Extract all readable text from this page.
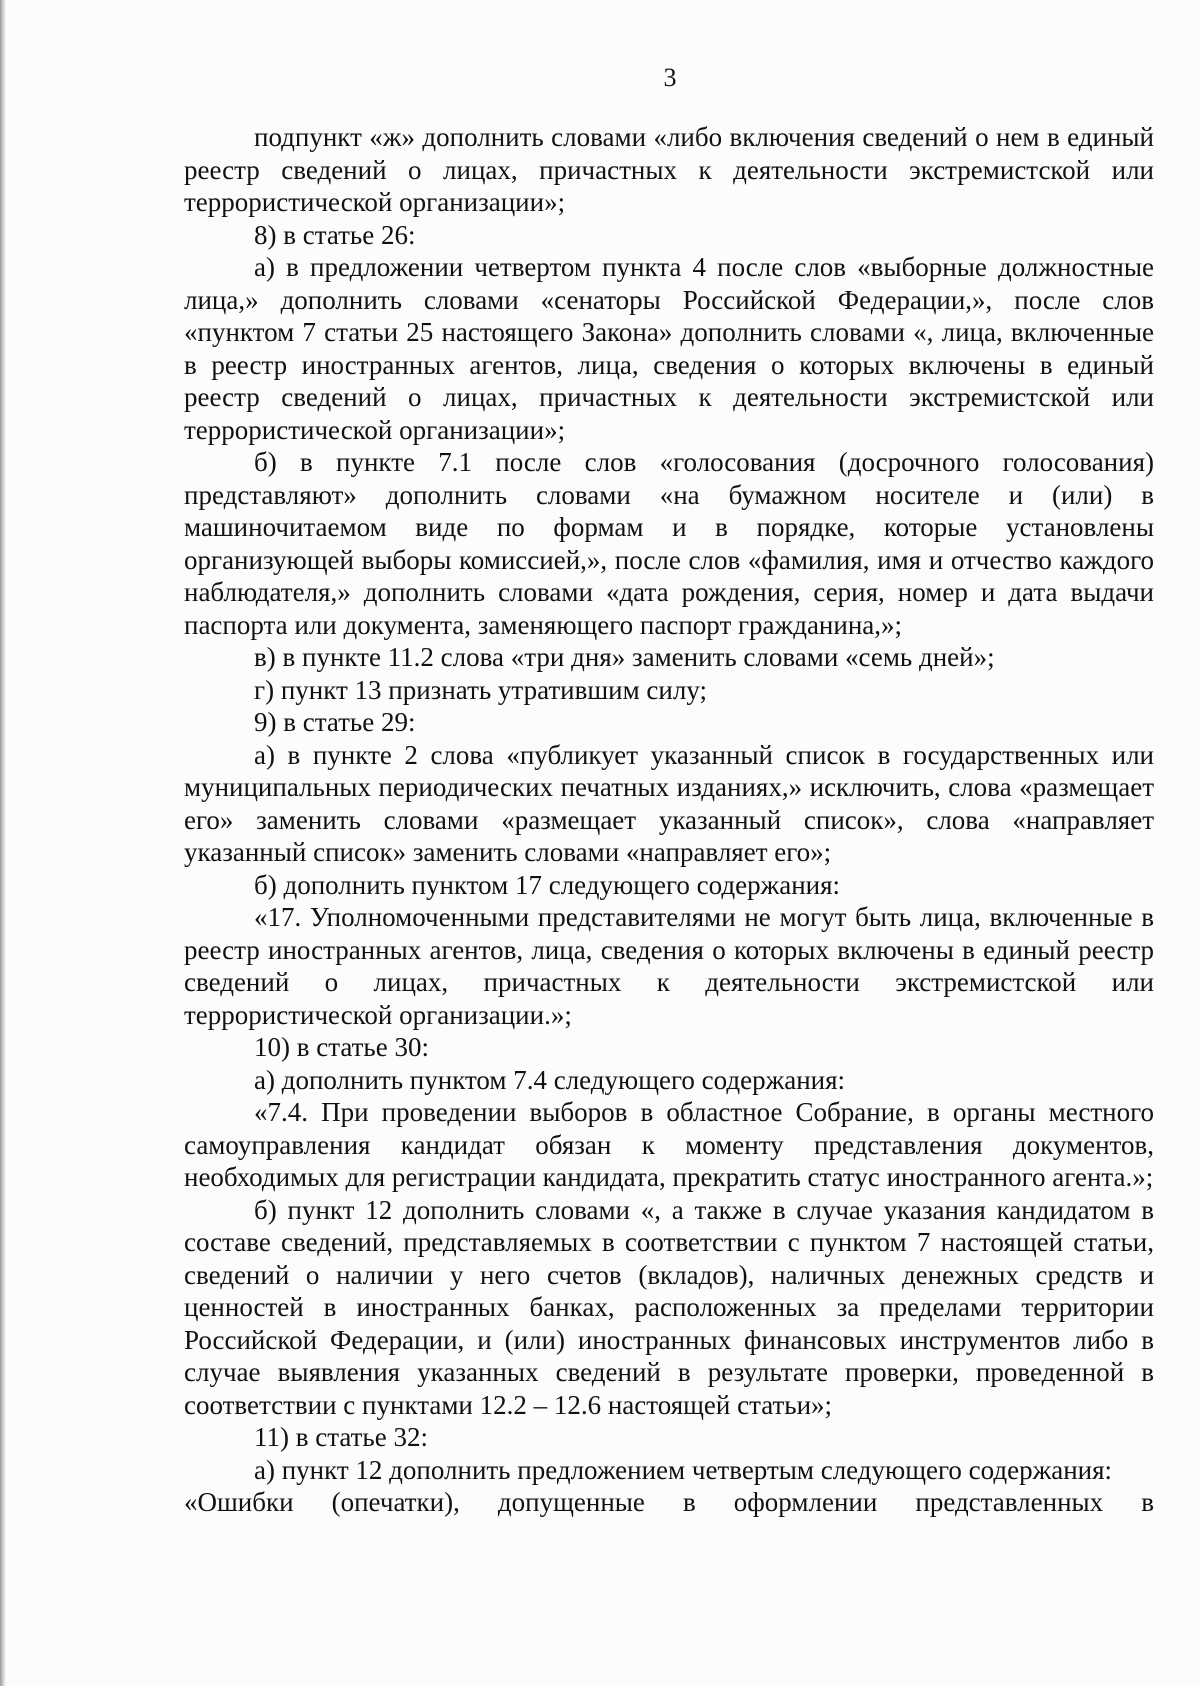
3

подпункт «ж» дополнить словами «либо включения сведений о нем в единый реестр сведений о лицах, причастных к деятельности экстремистской или террористической организации»;

8) в статье 26:

а) в предложении четвертом пункта 4 после слов «выборные должностные лица,» дополнить словами «сенаторы Российской Федерации,», после слов «пунктом 7 статьи 25 настоящего Закона» дополнить словами «, лица, включенные в реестр иностранных агентов, лица, сведения о которых включены в единый реестр сведений о лицах, причастных к деятельности экстремистской или террористической организации»;

б) в пункте 7.1 после слов «голосования (досрочного голосования) представляют» дополнить словами «на бумажном носителе и (или) в машиночитаемом виде по формам и в порядке, которые установлены организующей выборы комиссией,», после слов «фамилия, имя и отчество каждого наблюдателя,» дополнить словами «дата рождения, серия, номер и дата выдачи паспорта или документа, заменяющего паспорт гражданина,»;

в) в пункте 11.2 слова «три дня» заменить словами «семь дней»;

г) пункт 13 признать утратившим силу;

9) в статье 29:

а) в пункте 2 слова «публикует указанный список в государственных или муниципальных периодических печатных изданиях,» исключить, слова «размещает его» заменить словами «размещает указанный список», слова «направляет указанный список» заменить словами «направляет его»;

б) дополнить пунктом 17 следующего содержания:

«17. Уполномоченными представителями не могут быть лица, включенные в реестр иностранных агентов, лица, сведения о которых включены в единый реестр сведений о лицах, причастных к деятельности экстремистской или террористической организации.»;

10) в статье 30:

а) дополнить пунктом 7.4 следующего содержания:

«7.4. При проведении выборов в областное Собрание, в органы местного самоуправления кандидат обязан к моменту представления документов, необходимых для регистрации кандидата, прекратить статус иностранного агента.»;

б) пункт 12 дополнить словами «, а также в случае указания кандидатом в составе сведений, представляемых в соответствии с пунктом 7 настоящей статьи, сведений о наличии у него счетов (вкладов), наличных денежных средств и ценностей в иностранных банках, расположенных за пределами территории Российской Федерации, и (или) иностранных финансовых инструментов либо в случае выявления указанных сведений в результате проверки, проведенной в соответствии с пунктами 12.2 – 12.6 настоящей статьи»;

11) в статье 32:

а) пункт 12 дополнить предложением четвертым следующего содержания:

«Ошибки (опечатки), допущенные в оформлении представленных в
